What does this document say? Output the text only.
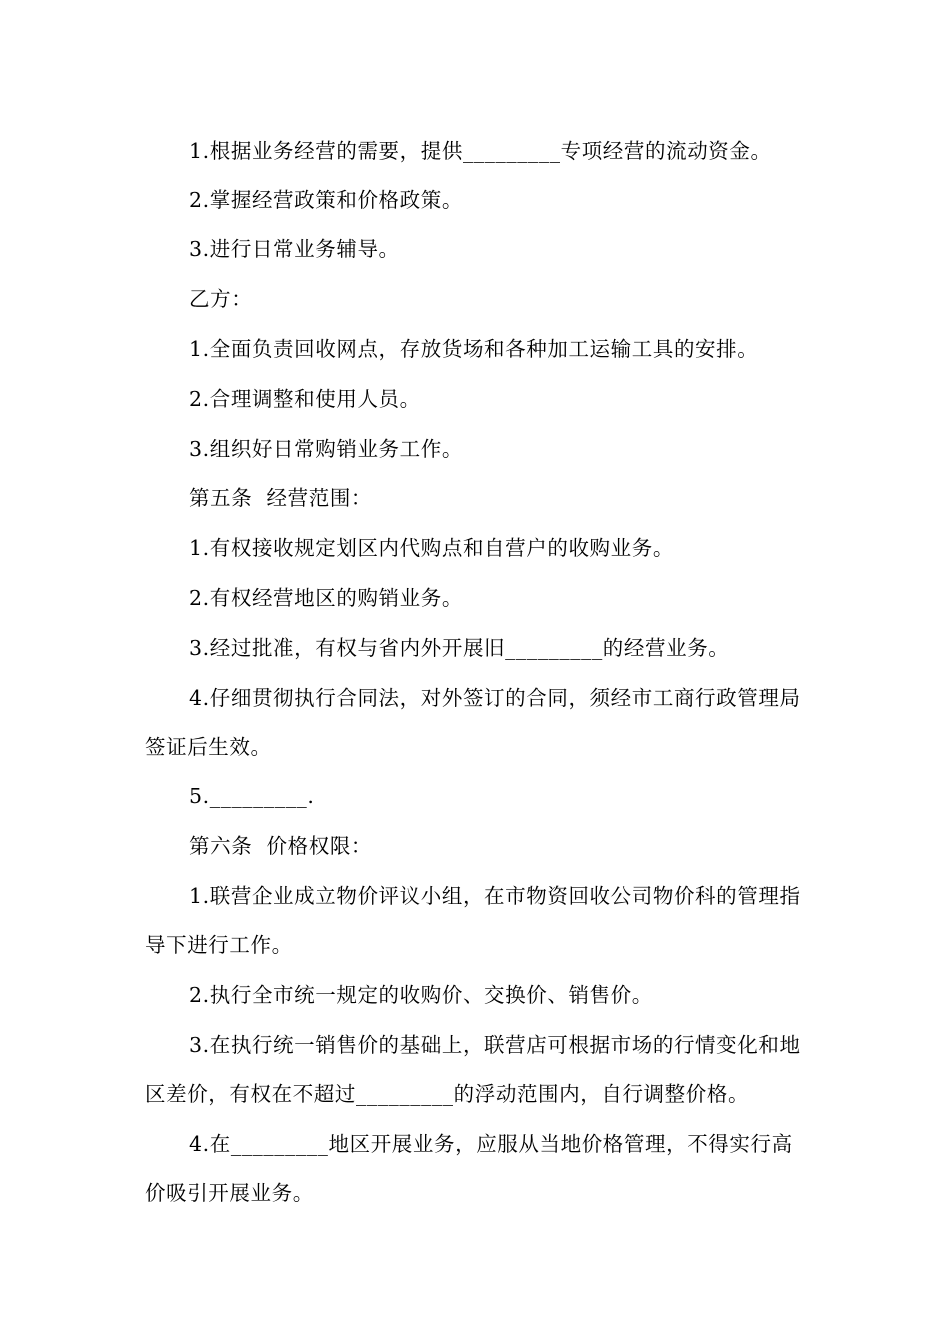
1.根据业务经营的需要，提供_________专项经营的流动资金。

2.掌握经营政策和价格政策。

3.进行日常业务辅导。

乙方：

1.全面负责回收网点，存放货场和各种加工运输工具的安排。

2.合理调整和使用人员。

3.组织好日常购销业务工作。

第五条  经营范围：

1.有权接收规定划区内代购点和自营户的收购业务。

2.有权经营地区的购销业务。

3.经过批准，有权与省内外开展旧_________的经营业务。

4.仔细贯彻执行合同法，对外签订的合同，须经市工商行政管理局签证后生效。

5._________.

第六条  价格权限：

1.联营企业成立物价评议小组，在市物资回收公司物价科的管理指导下进行工作。

2.执行全市统一规定的收购价、交换价、销售价。

3.在执行统一销售价的基础上，联营店可根据市场的行情变化和地区差价，有权在不超过_________的浮动范围内，自行调整价格。

4.在_________地区开展业务，应服从当地价格管理，不得实行高价吸引开展业务。
